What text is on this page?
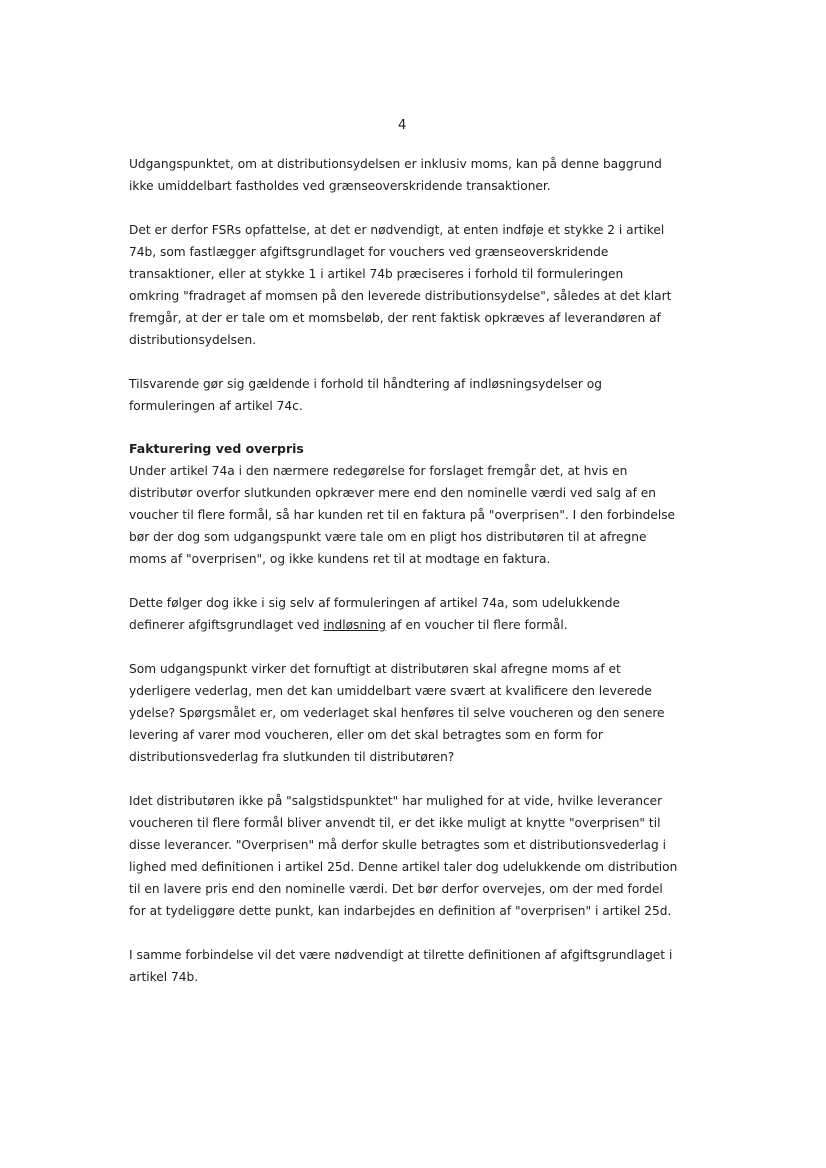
4

Udgangspunktet, om at distributionsydelsen er inklusiv moms, kan på denne baggrund
ikke umiddelbart fastholdes ved grænseoverskridende transaktioner.

Det er derfor FSRs opfattelse, at det er nødvendigt, at enten indføje et stykke 2 i artikel
74b, som fastlægger afgiftsgrundlaget for vouchers ved grænseoverskridende
transaktioner, eller at stykke 1 i artikel 74b præciseres i forhold til formuleringen
omkring "fradraget af momsen på den leverede distributionsydelse", således at det klart
fremgår, at der er tale om et momsbeløb, der rent faktisk opkræves af leverandøren af
distributionsydelsen.

Tilsvarende gør sig gældende i forhold til håndtering af indløsningsydelser og
formuleringen af artikel 74c.

Fakturering ved overpris

Under artikel 74a i den nærmere redegørelse for forslaget fremgår det, at hvis en
distributør overfor slutkunden opkræver mere end den nominelle værdi ved salg af en
voucher til flere formål, så har kunden ret til en faktura på "overprisen". I den forbindelse
bør der dog som udgangspunkt være tale om en pligt hos distributøren til at afregne
moms af "overprisen", og ikke kundens ret til at modtage en faktura.

Dette følger dog ikke i sig selv af formuleringen af artikel 74a, som udelukkende
definerer afgiftsgrundlaget ved indløsning af en voucher til flere formål.

Som udgangspunkt virker det fornuftigt at distributøren skal afregne moms af et
yderligere vederlag, men det kan umiddelbart være svært at kvalificere den leverede
ydelse? Spørgsmålet er, om vederlaget skal henføres til selve voucheren og den senere
levering af varer mod voucheren, eller om det skal betragtes som en form for
distributionsvederlag fra slutkunden til distributøren?

Idet distributøren ikke på "salgstidspunktet" har mulighed for at vide, hvilke leverancer
voucheren til flere formål bliver anvendt til, er det ikke muligt at knytte "overprisen" til
disse leverancer. "Overprisen" må derfor skulle betragtes som et distributionsvederlag i
lighed med definitionen i artikel 25d. Denne artikel taler dog udelukkende om distribution
til en lavere pris end den nominelle værdi. Det bør derfor overvejes, om der med fordel
for at tydeliggøre dette punkt, kan indarbejdes en definition af "overprisen" i artikel 25d.

I samme forbindelse vil det være nødvendigt at tilrette definitionen af afgiftsgrundlaget i
artikel 74b.
